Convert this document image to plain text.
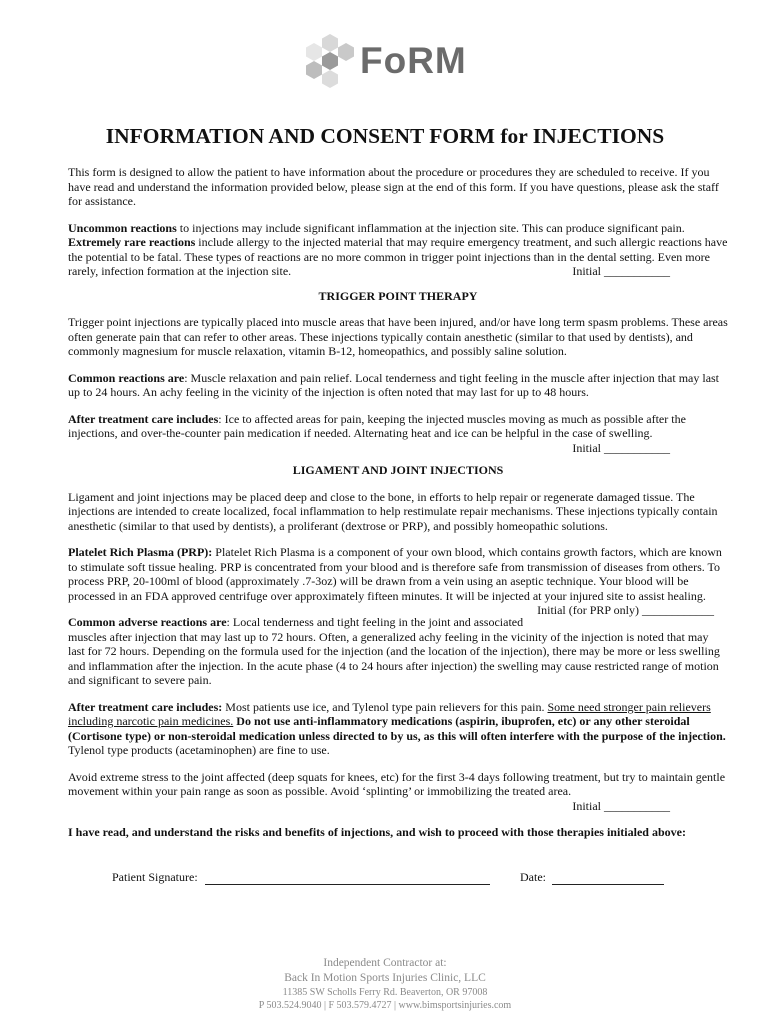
FoRM
INFORMATION AND CONSENT FORM for INJECTIONS

This form is designed to allow the patient to have information about the procedure or procedures they are scheduled to receive. If you have read and understand the information provided below, please sign at the end of this form. If you have questions, please ask the staff for assistance.

Uncommon reactions to injections may include significant inflammation at the injection site. This can produce significant pain.
Extremely rare reactions include allergy to the injected material that may require emergency treatment, and such allergic reactions have the potential to be fatal. These types of reactions are no more common in trigger point injections than in the dental setting. Even more rarely, infection formation at the injection site.	Initial ___________

TRIGGER POINT THERAPY

Trigger point injections are typically placed into muscle areas that have been injured, and/or have long term spasm problems. These areas often generate pain that can refer to other areas. These injections typically contain anesthetic (similar to that used by dentists), and commonly magnesium for muscle relaxation, vitamin B-12, homeopathics, and possibly saline solution.

Common reactions are: Muscle relaxation and pain relief. Local tenderness and tight feeling in the muscle after injection that may last up to 24 hours. An achy feeling in the vicinity of the injection is often noted that may last for up to 48 hours.

After treatment care includes: Ice to affected areas for pain, keeping the injected muscles moving as much as possible after the injections, and over-the-counter pain medication if needed. Alternating heat and ice can be helpful in the case of swelling.

Initial ___________

LIGAMENT AND JOINT INJECTIONS

Ligament and joint injections may be placed deep and close to the bone, in efforts to help repair or regenerate damaged tissue. The injections are intended to create localized, focal inflammation to help restimulate repair mechanisms. These injections typically contain anesthetic (similar to that used by dentists), a proliferant (dextrose or PRP), and possibly homeopathic solutions.

Platelet Rich Plasma (PRP): Platelet Rich Plasma is a component of your own blood, which contains growth factors, which are known to stimulate soft tissue healing. PRP is concentrated from your blood and is therefore safe from transmission of diseases from others. To process PRP, 20-100ml of blood (approximately .7-3oz) will be drawn from a vein using an aseptic technique. Your blood will be processed in an FDA approved centrifuge over approximately fifteen minutes. It will be injected at your injured site to assist healing.
Initial (for PRP only) ____________

Common adverse reactions are: Local tenderness and tight feeling in the joint and associated muscles after injection that may last up to 72 hours. Often, a generalized achy feeling in the vicinity of the injection is noted that may last for 72 hours. Depending on the formula used for the injection (and the location of the injection), there may be more or less swelling and inflammation after the injection. In the acute phase (4 to 24 hours after injection) the swelling may cause restricted range of motion and significant to severe pain.

After treatment care includes: Most patients use ice, and Tylenol type pain relievers for this pain. Some need stronger pain relievers including narcotic pain medicines. Do not use anti-inflammatory medications (aspirin, ibuprofen, etc) or any other steroidal (Cortisone type) or non-steroidal medication unless directed to by us, as this will often interfere with the purpose of the injection. Tylenol type products (acetaminophen) are fine to use.

Avoid extreme stress to the joint affected (deep squats for knees, etc) for the first 3-4 days following treatment, but try to maintain gentle movement within your pain range as soon as possible. Avoid ‘splinting’ or immobilizing the treated area.

Initial ___________

I have read, and understand the risks and benefits of injections, and wish to proceed with those therapies initialed above:

Patient Signature:	Date:
Independent Contractor at:
Back In Motion Sports Injuries Clinic, LLC
11385 SW Scholls Ferry Rd. Beaverton, OR 97008
P 503.524.9040 | F 503.579.4727 | www.bimsportsinjuries.com
